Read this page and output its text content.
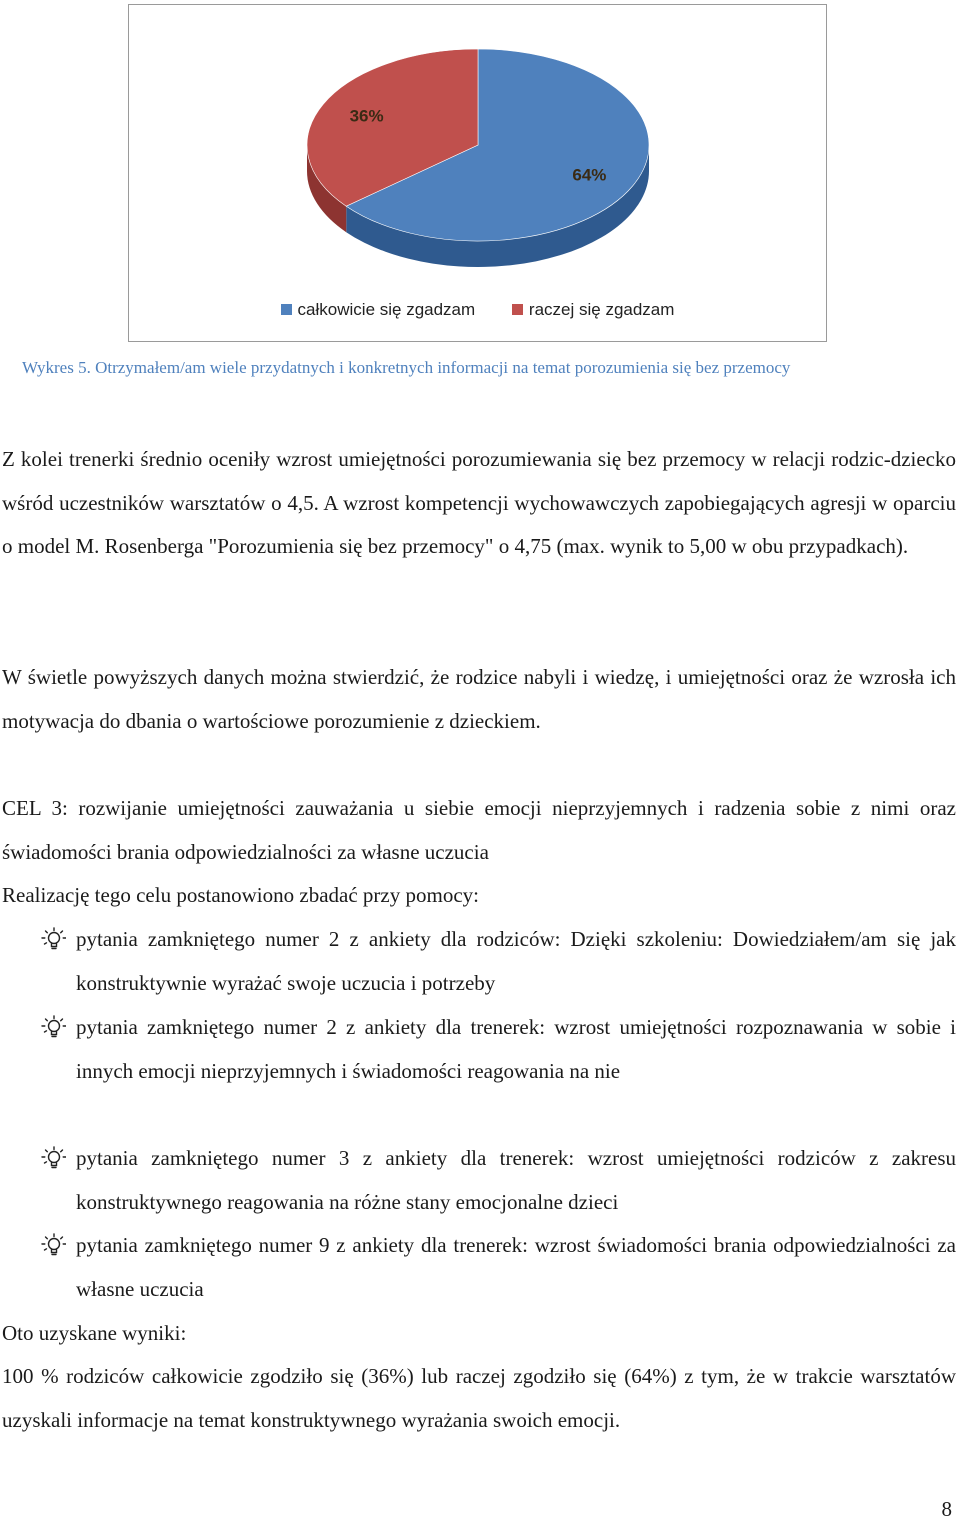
64%
36%
całkowicie się zgadzam	raczej się zgadzam
Wykres 5. Otrzymałem/am wiele przydatnych i konkretnych informacji na temat porozumienia się bez przemocy
Z kolei trenerki średnio oceniły wzrost umiejętności porozumiewania się bez przemocy w relacji rodzic-dziecko wśród uczestników warsztatów o 4,5. A wzrost kompetencji wychowawczych zapobiegających agresji w oparciu o model M. Rosenberga "Porozumienia się bez przemocy" o 4,75 (max. wynik to 5,00 w obu przypadkach).
W świetle powyższych danych można stwierdzić, że rodzice nabyli i wiedzę, i umiejętności oraz że wzrosła ich motywacja do dbania o wartościowe porozumienie z dzieckiem.
CEL 3: rozwijanie umiejętności zauważania u siebie emocji nieprzyjemnych i radzenia sobie z nimi oraz świadomości brania odpowiedzialności za własne uczucia
Realizację tego celu postanowiono zbadać przy pomocy:
pytania zamkniętego numer 2 z ankiety dla rodziców: Dzięki szkoleniu: Dowiedziałem/am się jak konstruktywnie wyrażać swoje uczucia i potrzeby
pytania zamkniętego numer 2 z ankiety dla trenerek: wzrost umiejętności rozpoznawania w sobie i innych emocji nieprzyjemnych i świadomości reagowania na nie
pytania zamkniętego numer 3 z ankiety dla trenerek: wzrost umiejętności rodziców z zakresu konstruktywnego reagowania na różne stany emocjonalne dzieci
pytania zamkniętego numer 9 z ankiety dla trenerek: wzrost świadomości brania odpowiedzialności za własne uczucia
Oto uzyskane wyniki:
100 % rodziców całkowicie zgodziło się (36%) lub raczej zgodziło się (64%) z tym, że w trakcie warsztatów uzyskali informacje na temat konstruktywnego wyrażania swoich emocji.
8
